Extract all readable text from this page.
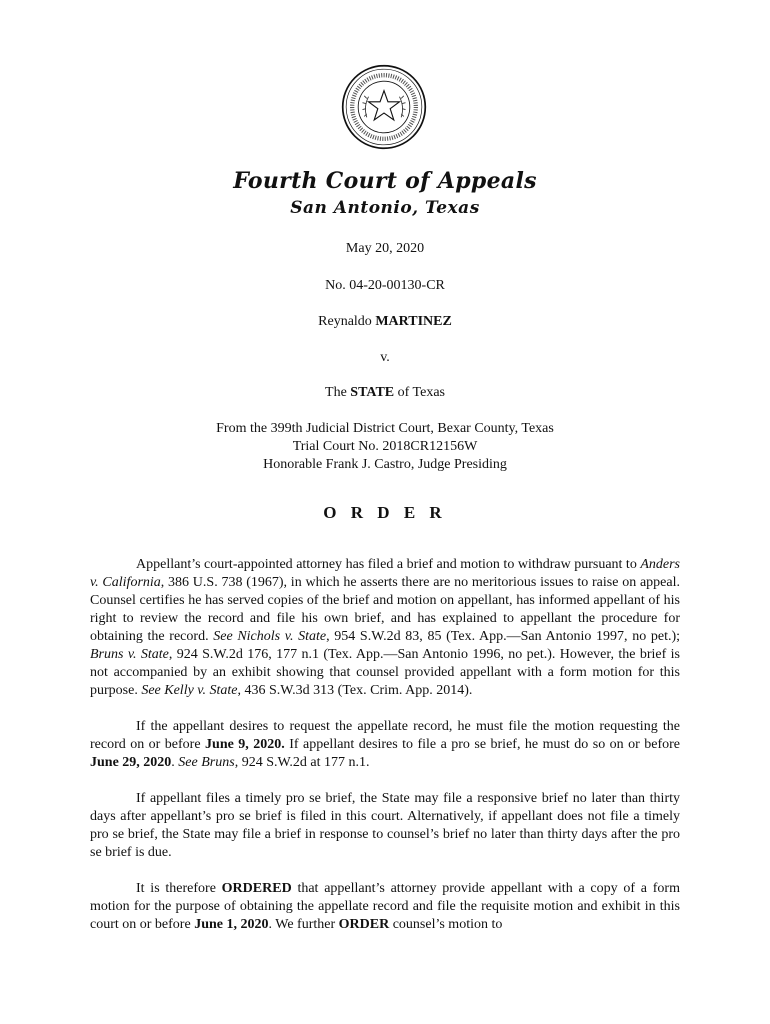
Fourth Court of Appeals
San Antonio, Texas
May 20, 2020
No. 04-20-00130-CR
Reynaldo MARTINEZ
v.
The STATE of Texas
From the 399th Judicial District Court, Bexar County, Texas
Trial Court No. 2018CR12156W
Honorable Frank J. Castro, Judge Presiding
O R D E R

Appellant’s court-appointed attorney has filed a brief and motion to withdraw pursuant to Anders v. California, 386 U.S. 738 (1967), in which he asserts there are no meritorious issues to raise on appeal. Counsel certifies he has served copies of the brief and motion on appellant, has informed appellant of his right to review the record and file his own brief, and has explained to appellant the procedure for obtaining the record. See Nichols v. State, 954 S.W.2d 83, 85 (Tex. App.—San Antonio 1997, no pet.); Bruns v. State, 924 S.W.2d 176, 177 n.1 (Tex. App.—San Antonio 1996, no pet.). However, the brief is not accompanied by an exhibit showing that counsel provided appellant with a form motion for this purpose. See Kelly v. State, 436 S.W.3d 313 (Tex. Crim. App. 2014).

If the appellant desires to request the appellate record, he must file the motion requesting the record on or before June 9, 2020. If appellant desires to file a pro se brief, he must do so on or before June 29, 2020. See Bruns, 924 S.W.2d at 177 n.1.

If appellant files a timely pro se brief, the State may file a responsive brief no later than thirty days after appellant’s pro se brief is filed in this court. Alternatively, if appellant does not file a timely pro se brief, the State may file a brief in response to counsel’s brief no later than thirty days after the pro se brief is due.

It is therefore ORDERED that appellant’s attorney provide appellant with a copy of a form motion for the purpose of obtaining the appellate record and file the requisite motion and exhibit in this court on or before June 1, 2020. We further ORDER counsel’s motion to
